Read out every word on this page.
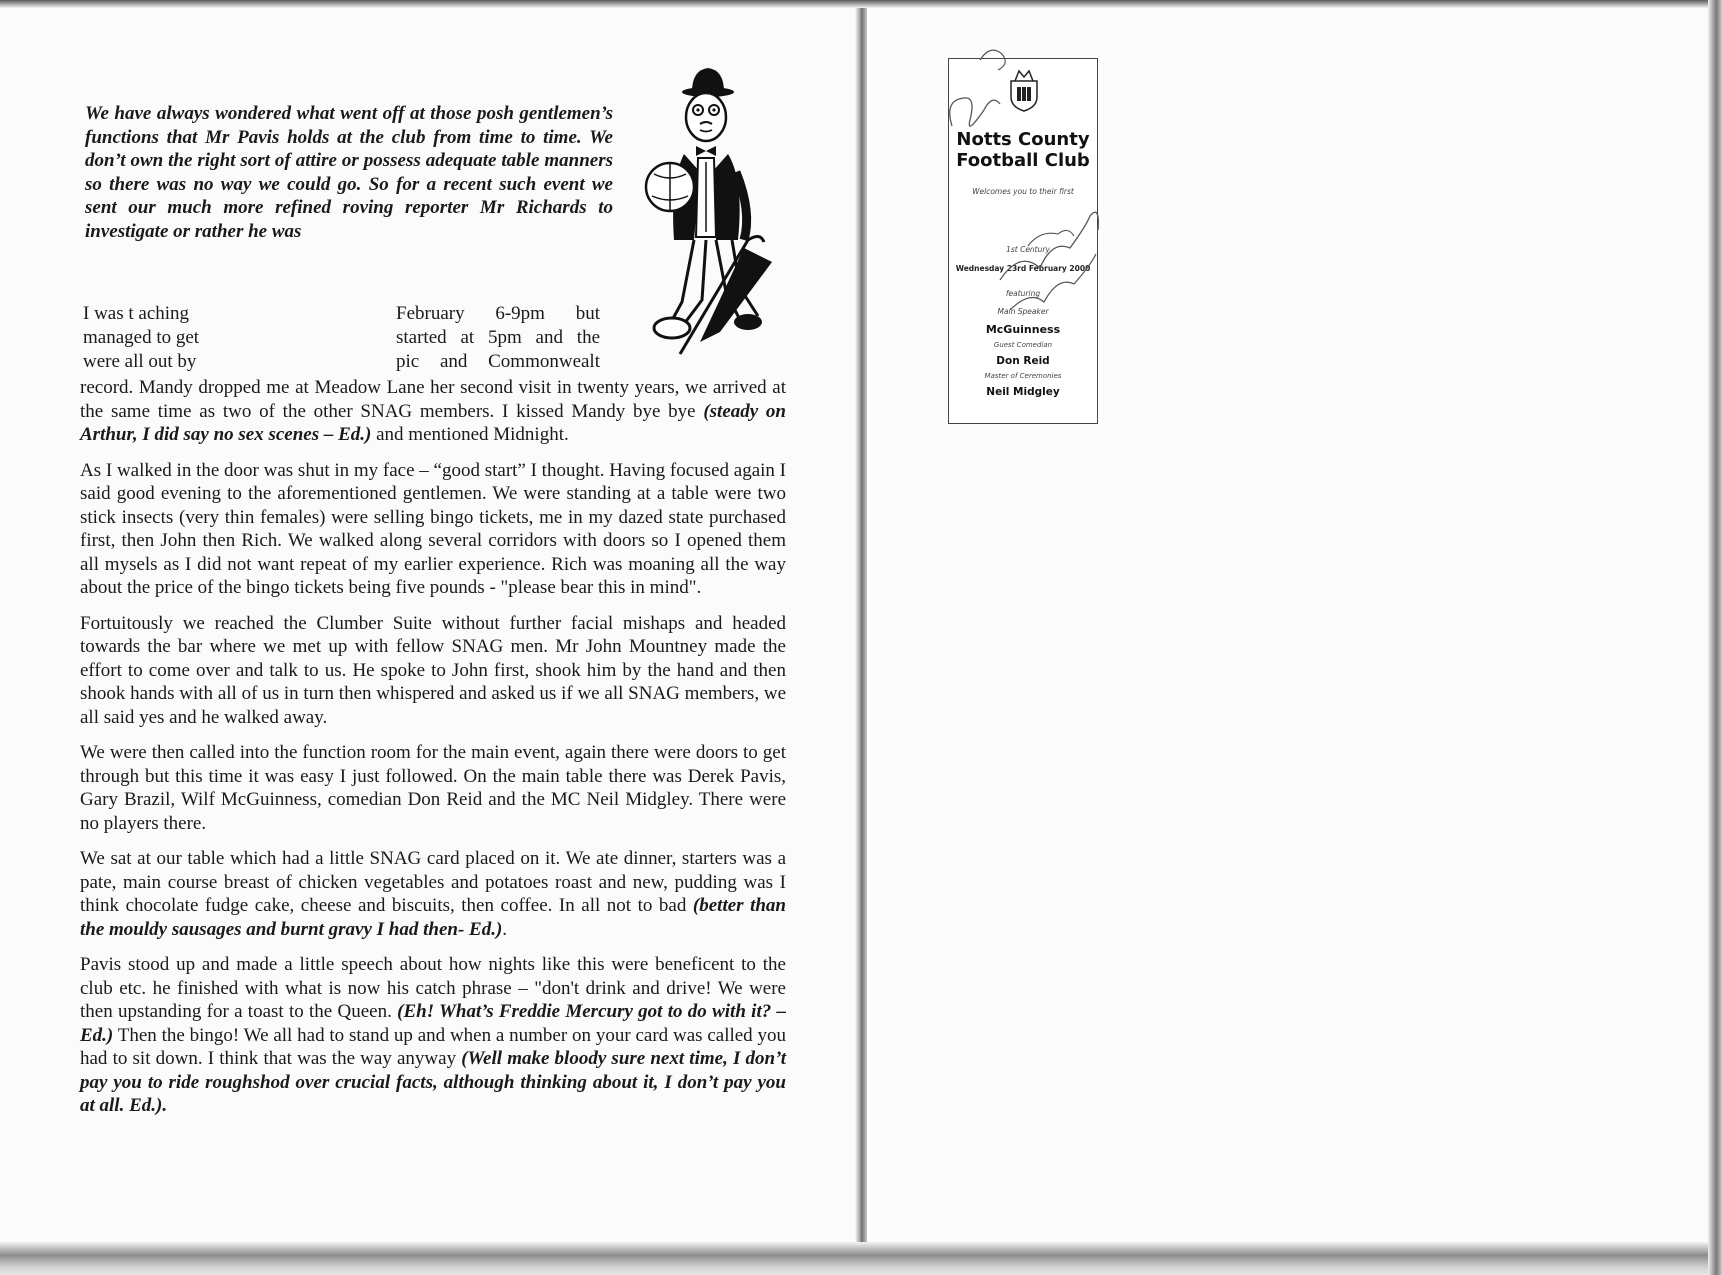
We have always wondered what went off at those posh gentlemen’s functions that Mr Pavis holds at the club from time to time. We don’t own the right sort of attire or possess adequate table manners so there was no way we could go. So for a recent such event we sent our much more refined roving reporter Mr Richards to investigate or rather he was
I was t aching
managed to get
were all out by
February 6-9pm but
started at 5pm and the
pic and Commonwealt

record. Mandy dropped me at Meadow Lane her second visit in twenty years, we arrived at the same time as two of the other SNAG members. I kissed Mandy bye bye (steady on Arthur, I did say no sex scenes – Ed.) and mentioned Midnight.

As I walked in the door was shut in my face – “good start” I thought. Having focused again I said good evening to the aforementioned gentlemen. We were standing at a table were two stick insects (very thin females) were selling bingo tickets, me in my dazed state purchased first, then John then Rich. We walked along several corridors with doors so I opened them all mysels as I did not want repeat of my earlier experience. Rich was moaning all the way about the price of the bingo tickets being five pounds - "please bear this in mind".

Fortuitously we reached the Clumber Suite without further facial mishaps and headed towards the bar where we met up with fellow SNAG men. Mr John Mountney made the effort to come over and talk to us. He spoke to John first, shook him by the hand and then shook hands with all of us in turn then whispered and asked us if we all SNAG members, we all said yes and he walked away.

We were then called into the function room for the main event, again there were doors to get through but this time it was easy I just followed. On the main table there was Derek Pavis, Gary Brazil, Wilf McGuinness, comedian Don Reid and the MC Neil Midgley. There were no players there.

We sat at our table which had a little SNAG card placed on it. We ate dinner, starters was a pate, main course breast of chicken vegetables and potatoes roast and new, pudding was I think chocolate fudge cake, cheese and biscuits, then coffee. In all not to bad (better than the mouldy sausages and burnt gravy I had then- Ed.).

Pavis stood up and made a little speech about how nights like this were beneficent to the club etc. he finished with what is now his catch phrase – "don't drink and drive! We were then upstanding for a toast to the Queen. (Eh! What’s Freddie Mercury got to do with it? – Ed.) Then the bingo! We all had to stand up and when a number on your card was called you had to sit down. I think that was the way anyway (Well make bloody sure next time, I don’t pay you to ride roughshod over crucial facts, although thinking about it, I don’t pay you at all. Ed.).

Notts County
Football Club
Welcomes you to their first
1st Century
Wednesday 23rd February 2000
featuring
Main Speaker
McGuinness
Guest Comedian
Don Reid
Master of Ceremonies
Neil Midgley
